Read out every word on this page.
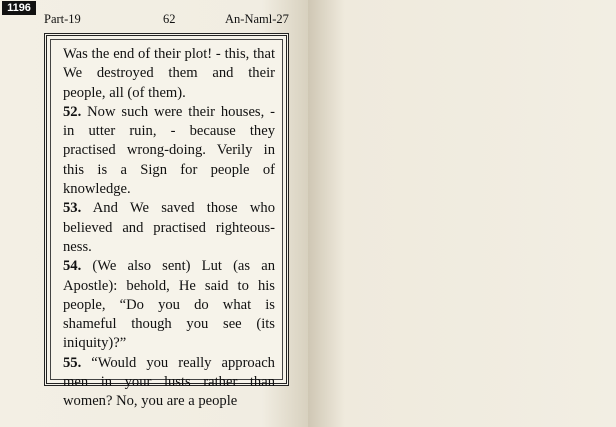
1196
Part-19	62	An-Naml-27

Was the end of their plot! - this, that We destroyed them and their people, all (of them).

52. Now such were their houses, - in utter ruin, - because they practised wrong-doing. Verily in this is a Sign for people of knowledge.

53. And We saved those who believed and practised righteous-ness.

54. (We also sent) Lut (as an Apostle): behold, He said to his people, “Do you do what is shameful though you see (its iniquity)?”

55. “Would you really approach men in your lusts rather than women? No, you are a people
